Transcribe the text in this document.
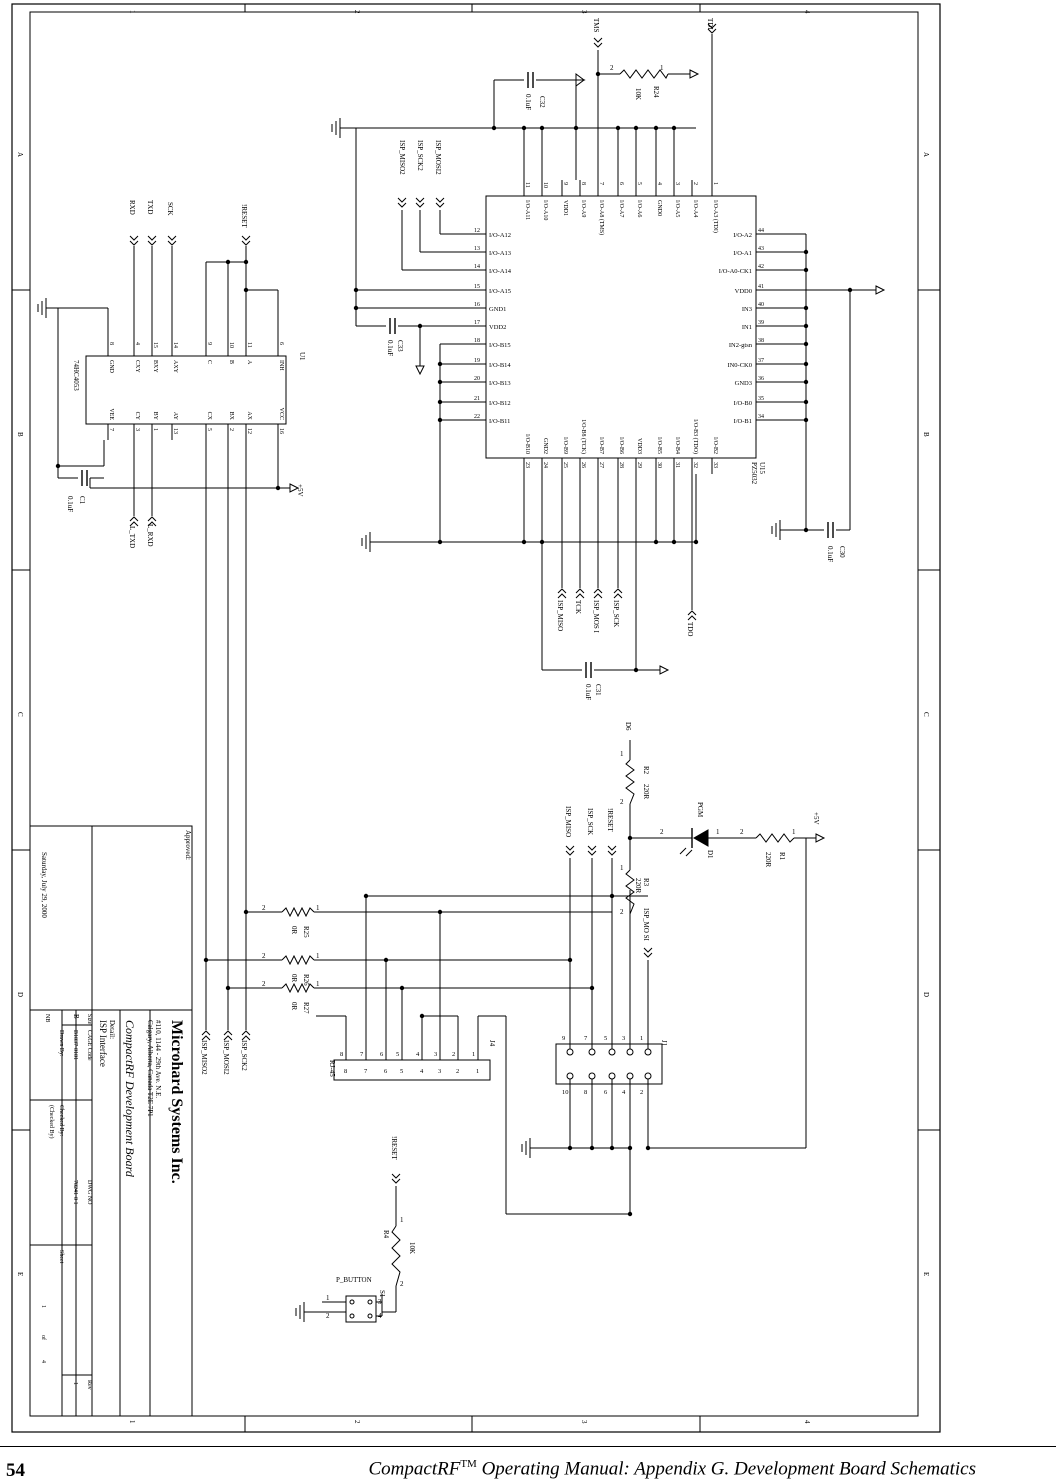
1	2	3	4
1	2	3	4
A
B
C
D
E
A
B
C
D
E
Microhard Systems Inc.
#110, 1144 - 29th Ave. N.E.
Calgary, Alberta, Canada T2E 7P1
CompactRF Development Board
Detail:
ISP Interface
Approved:
Size
B
CAGE Code
B1037-0101
DWG NO
70241-0 1
Rev
1
Drawn By:
NB
Checked By:
(Checked By)
Sheet
1
of
4
Saturday, July 29, 2000
U15
PZ5032
11
I/O-A11
10
I/O-A10
9
VDD1
8
I/O-A9
7
I/O-A8 (TMS)
6
I/O-A7
5
I/O-A6
4
GND0
3
I/O-A5
2
I/O-A4
1
I/O-A3 (TDI)
12
I/O-A12
13
I/O-A13
14
I/O-A14
15
I/O-A15
16
GND1
17
VDD2
18
I/O-B15
19
I/O-B14
20
I/O-B13
21
I/O-B12
22
I/O-B11
44
I/O-A2
43
I/O-A1
42
I/O-A0-CK1
41
VDD0
40
IN3
39
IN1
38
IN2-gtsn
37
IN0-CK0
36
GND3
35
I/O-B0
34
I/O-B1
23
I/O-B10
24
GND2
25
I/O-B9
26
I/O-B8 (TCK)
27
I/O-B7
28
I/O-B6
29
VDD3
30
I/O-B5
31
I/O-B4
32
I/O-B3 (TDO)
33
I/O-B2
U1
74HC4053
8
GND
4
CXY
15
BXY
14
AXY
9
C
10
B
11
A
6
INH
7
VEE
3
CY
1
BY
13
AY
5
CX
2
BX
12
AX
16
VCC
+5V
+5V
J1
9	7	5 3 1
10 8	6 4 2
J4
RJ-45
8
8
7
7
6
6
5
5
4
4
3
3
2
2
1
1
RXD TXD SCK	!RESET
L_TXD L_RXD
TMS	TDI
ISP_MOSI2
ISP_SCK2
ISP_MISO2
ISP_MISO TCK ISP_MOS I ISP_SCK
TDO
ISP_SCK2
ISP_MOSI2
ISP_MISO2
ISP_MISO ISP_SCK !RESET
ISP_MO SI
!RESET
C32
0.1uF
C33
0.1uF
C1
0.1uF
C30
0.1uF
C31
0.1uF
R24
10K
2	1
R25
0R
2	1
R26
0R
2	1
R27
0R
2	1
R1
220R
2	1
R2
220R
1
2
R3
220R
1
2
R4
10K
1
2
D1
PGM
2	1
D6
S1
P_BUTTON
1
2
3
4
54	CompactRF™ Operating Manual: Appendix G. Development Board Schematics
